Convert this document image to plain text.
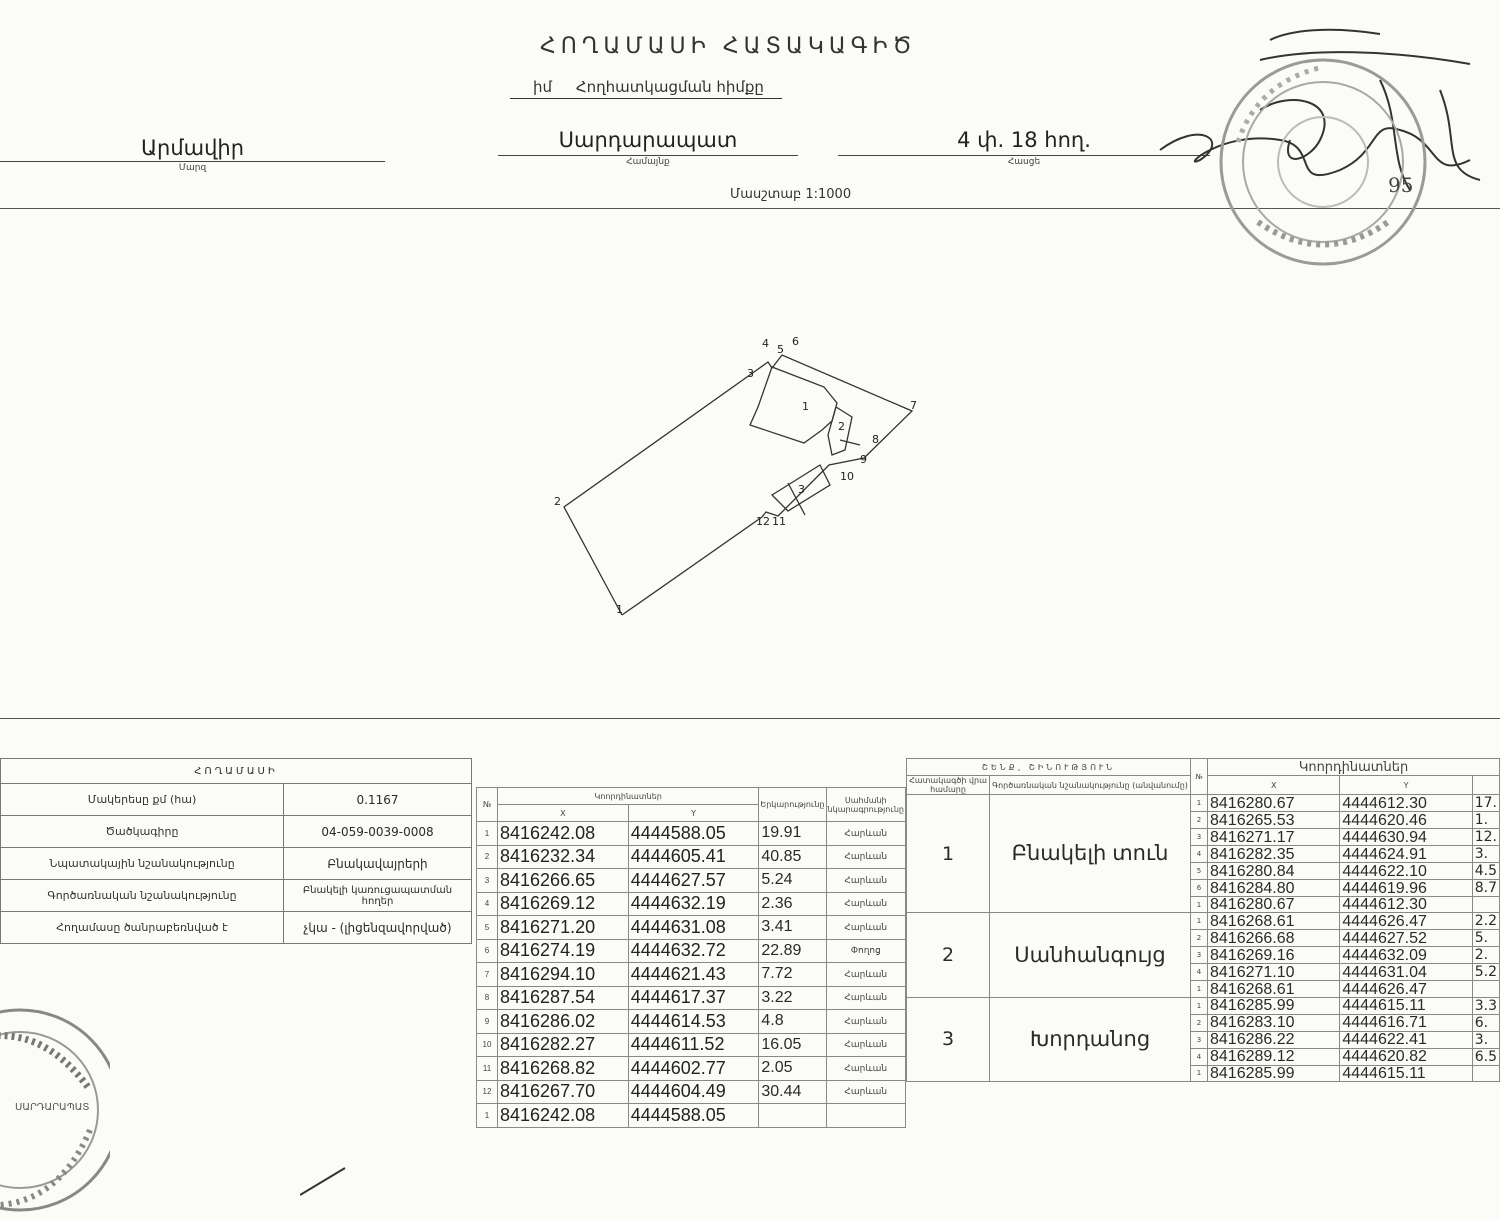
ՀՈՂԱՄԱՍԻ ՀԱՏԱԿԱԳԻԾ
իմ Հողհատկացման հիմքը
Արմավիր
Մարզ
Սարդարապատ
Համայնք
4 փ. 18 հող.
Հասցե
Մասշտաբ 1:1000	95
1
2
3
4 5
6
7
8
9
10
11
12
1
2
3
ՀՈՂԱՄԱՍԻ	
Մակերեսը քմ (հա)	0.1167
Ծածկագիրը	04-059-0039-0008
Նպատակային նշանակությունը	Բնակավայրերի
Գործառնական նշանակությունը	Բնակելի կառուցապատման հողեր
Հողամասը ծանրաբեռնված է	չկա - (լիցենզավորված)
№	Կոորդինատներ		Երկարությունը	Սահմանի նկարագրությունը
	X	Y		
1	8416242.08	4444588.05	19.91	Հարևան
2	8416232.34	4444605.41	40.85	Հարևան
3	8416266.65	4444627.57	5.24	Հարևան
4	8416269.12	4444632.19	2.36	Հարևան
5	8416271.20	4444631.08	3.41	Հարևան
6	8416274.19	4444632.72	22.89	Փողոց
7	8416294.10	4444621.43	7.72	Հարևան
8	8416287.54	4444617.37	3.22	Հարևան
9	8416286.02	4444614.53	4.8	Հարևան
10	8416282.27	4444611.52	16.05	Հարևան
11	8416268.82	4444602.77	2.05	Հարևան
12	8416267.70	4444604.49	30.44	Հարևան
1	8416242.08	4444588.05		
ՇԵՆՔ, ՇԻՆՈՒԹՅՈՒՆ		№	Կոորդինատներ		
Հատակագծի վրա համարը	Գործառնական նշանակությունը (անվանումը)		X	Y	
1	Բնակելի տուն	1	8416280.67	4444612.30	17.
		2	8416265.53	4444620.46	1.
		3	8416271.17	4444630.94	12.
		4	8416282.35	4444624.91	3.
		5	8416280.84	4444622.10	4.5
		6	8416284.80	4444619.96	8.7
		1	8416280.67	4444612.30	
2	Սանհանգույց	1	8416268.61	4444626.47	2.2
		2	8416266.68	4444627.52	5.
		3	8416269.16	4444632.09	2.
		4	8416271.10	4444631.04	5.2
		1	8416268.61	4444626.47	
3	Խորդանոց	1	8416285.99	4444615.11	3.3
		2	8416283.10	4444616.71	6.
		3	8416286.22	4444622.41	3.
		4	8416289.12	4444620.82	6.5
		1	8416285.99	4444615.11	
ՍԱՐԴԱՐԱՊԱՏ
